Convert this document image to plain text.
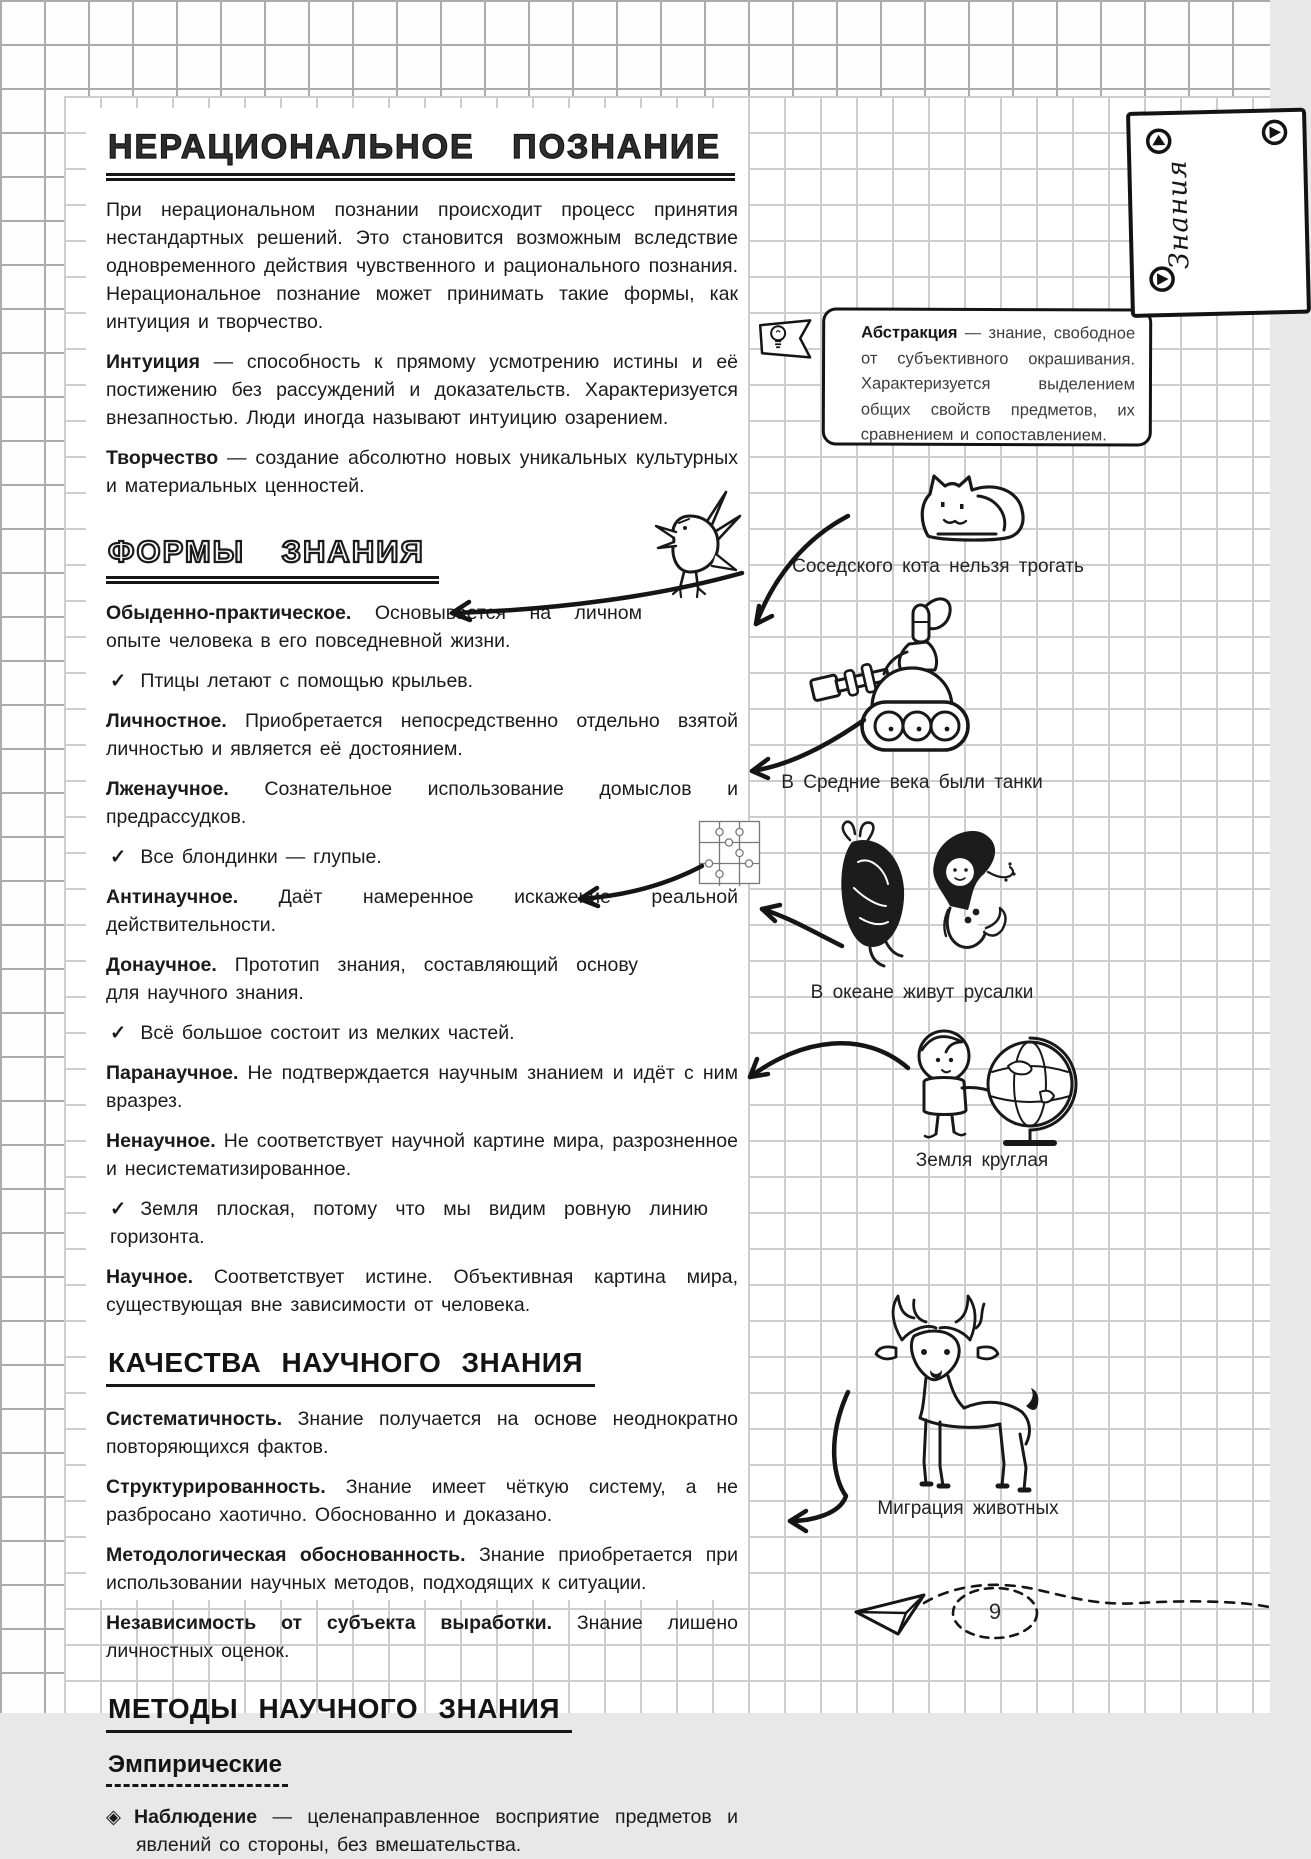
НЕРАЦИОНАЛЬНОЕ ПОЗНАНИЕ

При нерациональном познании происходит процесс принятия нестандартных решений. Это становится возможным вследствие одновременного действия чувственного и рационального познания. Нерациональное познание может принимать такие формы, как интуиция и творчество.

Интуиция — способность к прямому усмотрению истины и её постижению без рассуждений и доказательств. Характеризуется внезапностью. Люди иногда называют интуицию озарением.

Творчество — создание абсолютно новых уникальных культурных и материальных ценностей.

ФОРМЫ ЗНАНИЯ

Обыденно-практическое. Основывается на личном опыте человека в его повседневной жизни.

✓ Птицы летают с помощью крыльев.

Личностное. Приобретается непосредственно отдельно взятой личностью и является её достоянием.

Лженаучное. Сознательное использование домыслов и предрассудков.

✓ Все блондинки — глупые.

Антинаучное. Даёт намеренное искажение реальной действительности.

Донаучное. Прототип знания, составляющий основу для научного знания.

✓ Всё большое состоит из мелких частей.

Паранаучное. Не подтверждается научным знанием и идёт с ним вразрез.

Ненаучное. Не соответствует научной картине мира, разрозненное и несистематизированное.

✓ Земля плоская, потому что мы видим ровную линию горизонта.

Научное. Соответствует истине. Объективная картина мира, существующая вне зависимости от человека.

КАЧЕСТВА НАУЧНОГО ЗНАНИЯ

Систематичность. Знание получается на основе неоднократно повторяющихся фактов.

Структурированность. Знание имеет чёткую систему, а не разбросано хаотично. Обоснованно и доказано.

Методологическая обоснованность. Знание приобретается при использовании научных методов, подходящих к ситуации.

Независимость от субъекта выработки. Знание лишено личностных оценок.

МЕТОДЫ НАУЧНОГО ЗНАНИЯ
Эмпирические

◈ Наблюдение — целенаправленное восприятие предметов и явлений со стороны, без вмешательства.

Абстракция — знание, свободное от субъективного окрашивания. Характеризуется выделением общих свойств предметов, их сравнением и сопоставлением.

Знания
Соседского кота нельзя трогать
В Средние века были танки
В океане живут русалки
Земля круглая
Миграция животных
9
